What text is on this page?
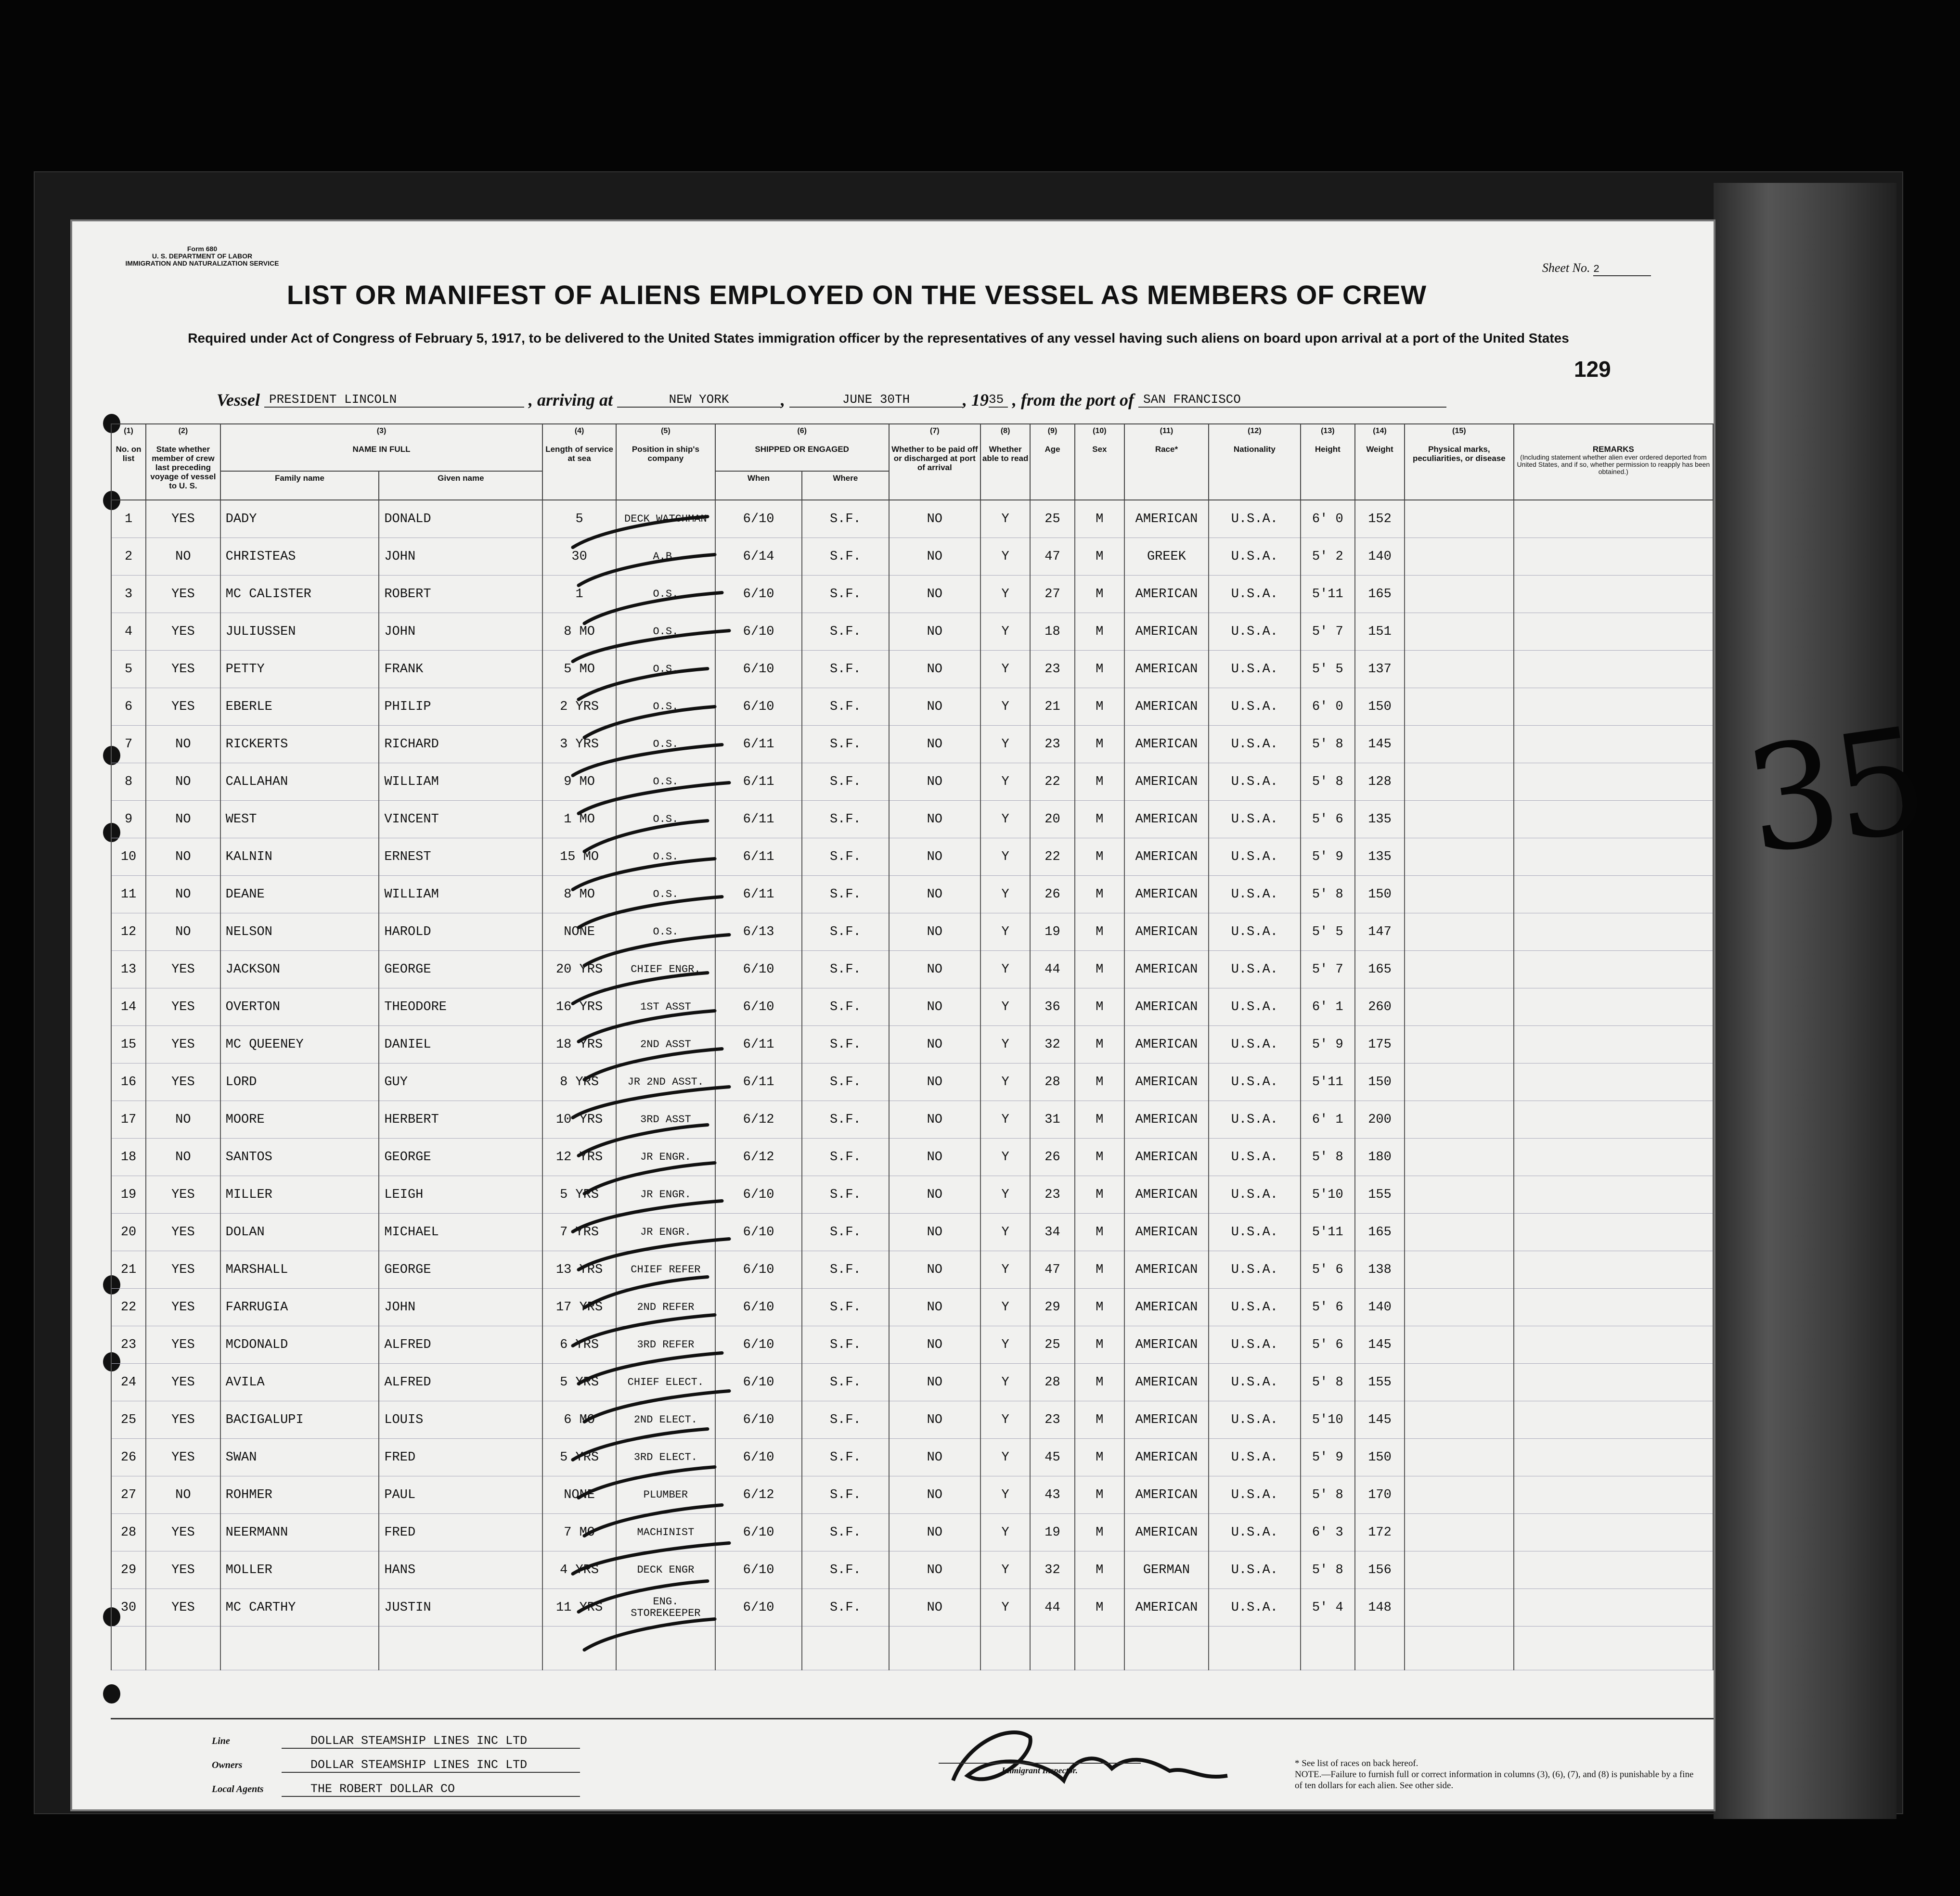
35
Form 680
U. S. DEPARTMENT OF LABOR
IMMIGRATION AND NATURALIZATION SERVICE	Sheet No. 2
LIST OR MANIFEST OF ALIENS EMPLOYED ON THE VESSEL AS MEMBERS OF CREW
Required under Act of Congress of February 5, 1917, to be delivered to the United States immigration officer by the representatives of any vessel having such aliens on board upon arrival at a port of the United States
129
Vessel PRESIDENT LINCOLN	, arriving at	NEW YORK	,	JUNE 30TH	, 1935 , from the port of SAN FRANCISCO
(1)	(2)	(3)		(4)	(5)	(6)		(7)	(8)	(9)	(10)	(11)	(12)	(13)	(14)	(15)	
No. on list	State whether member of crew last preceding voyage of vessel to U. S.	NAME IN FULL		Length of service at sea	Position in ship's company	SHIPPED OR ENGAGED		Whether to be paid off or discharged at port of arrival	Whether able to read	Age	Sex	Race*	Nationality	Height	Weight	Physical marks, peculiarities, or disease	REMARKS
(Including statement whether alien ever ordered deported from United States, and if so, whether permission to reapply has been obtained.)

		Family name	Given name			When	Where										
1	YES	DADY	DONALD	5	DECK WATCHMAN	6/10	S.F.	NO	Y	25	M	AMERICAN	U.S.A.	6' 0	152		
2	NO	CHRISTEAS	JOHN	30	A.B.	6/14	S.F.	NO	Y	47	M	GREEK	U.S.A.	5' 2	140		
3	YES	MC CALISTER	ROBERT	1	O.S.	6/10	S.F.	NO	Y	27	M	AMERICAN	U.S.A.	5'11	165		
4	YES	JULIUSSEN	JOHN	8 MO	O.S.	6/10	S.F.	NO	Y	18	M	AMERICAN	U.S.A.	5' 7	151		
5	YES	PETTY	FRANK	5 MO	O.S.	6/10	S.F.	NO	Y	23	M	AMERICAN	U.S.A.	5' 5	137		
6	YES	EBERLE	PHILIP	2 YRS	O.S.	6/10	S.F.	NO	Y	21	M	AMERICAN	U.S.A.	6' 0	150		
7	NO	RICKERTS	RICHARD	3 YRS	O.S.	6/11	S.F.	NO	Y	23	M	AMERICAN	U.S.A.	5' 8	145		
8	NO	CALLAHAN	WILLIAM	9 MO	O.S.	6/11	S.F.	NO	Y	22	M	AMERICAN	U.S.A.	5' 8	128		
9	NO	WEST	VINCENT	1 MO	O.S.	6/11	S.F.	NO	Y	20	M	AMERICAN	U.S.A.	5' 6	135		
10	NO	KALNIN	ERNEST	15 MO	O.S.	6/11	S.F.	NO	Y	22	M	AMERICAN	U.S.A.	5' 9	135		
11	NO	DEANE	WILLIAM	8 MO	O.S.	6/11	S.F.	NO	Y	26	M	AMERICAN	U.S.A.	5' 8	150		
12	NO	NELSON	HAROLD	NONE	O.S.	6/13	S.F.	NO	Y	19	M	AMERICAN	U.S.A.	5' 5	147		
13	YES	JACKSON	GEORGE	20 YRS	CHIEF ENGR.	6/10	S.F.	NO	Y	44	M	AMERICAN	U.S.A.	5' 7	165		
14	YES	OVERTON	THEODORE	16 YRS	1ST ASST	6/10	S.F.	NO	Y	36	M	AMERICAN	U.S.A.	6' 1	260		
15	YES	MC QUEENEY	DANIEL	18 YRS	2ND ASST	6/11	S.F.	NO	Y	32	M	AMERICAN	U.S.A.	5' 9	175		
16	YES	LORD	GUY	8 YRS	JR 2ND ASST.	6/11	S.F.	NO	Y	28	M	AMERICAN	U.S.A.	5'11	150		
17	NO	MOORE	HERBERT	10 YRS	3RD ASST	6/12	S.F.	NO	Y	31	M	AMERICAN	U.S.A.	6' 1	200		
18	NO	SANTOS	GEORGE	12 YRS	JR ENGR.	6/12	S.F.	NO	Y	26	M	AMERICAN	U.S.A.	5' 8	180		
19	YES	MILLER	LEIGH	5 YRS	JR ENGR.	6/10	S.F.	NO	Y	23	M	AMERICAN	U.S.A.	5'10	155		
20	YES	DOLAN	MICHAEL	7 YRS	JR ENGR.	6/10	S.F.	NO	Y	34	M	AMERICAN	U.S.A.	5'11	165		
21	YES	MARSHALL	GEORGE	13 YRS	CHIEF REFER	6/10	S.F.	NO	Y	47	M	AMERICAN	U.S.A.	5' 6	138		
22	YES	FARRUGIA	JOHN	17 YRS	2ND REFER	6/10	S.F.	NO	Y	29	M	AMERICAN	U.S.A.	5' 6	140		
23	YES	MCDONALD	ALFRED	6 YRS	3RD REFER	6/10	S.F.	NO	Y	25	M	AMERICAN	U.S.A.	5' 6	145		
24	YES	AVILA	ALFRED	5 YRS	CHIEF ELECT.	6/10	S.F.	NO	Y	28	M	AMERICAN	U.S.A.	5' 8	155		
25	YES	BACIGALUPI	LOUIS	6 MO	2ND ELECT.	6/10	S.F.	NO	Y	23	M	AMERICAN	U.S.A.	5'10	145		
26	YES	SWAN	FRED	5 YRS	3RD ELECT.	6/10	S.F.	NO	Y	45	M	AMERICAN	U.S.A.	5' 9	150		
27	NO	ROHMER	PAUL	NONE	PLUMBER	6/12	S.F.	NO	Y	43	M	AMERICAN	U.S.A.	5' 8	170		
28	YES	NEERMANN	FRED	7 MO	MACHINIST	6/10	S.F.	NO	Y	19	M	AMERICAN	U.S.A.	6' 3	172		
29	YES	MOLLER	HANS	4 YRS	DECK ENGR	6/10	S.F.	NO	Y	32	M	GERMAN	U.S.A.	5' 8	156		
30	YES	MC CARTHY	JUSTIN	11 YRS	ENG. STOREKEEPER	6/10	S.F.	NO	Y	44	M	AMERICAN	U.S.A.	5' 4	148		

Line	DOLLAR STEAMSHIP LINES INC LTD
Owners	DOLLAR STEAMSHIP LINES INC LTD
Local Agents	THE ROBERT DOLLAR CO
Immigrant Inspector.
* See list of races on back hereof.
NOTE.—Failure to furnish full or correct information in columns (3), (6), (7), and (8) is punishable by a fine of ten dollars for each alien. See other side.
